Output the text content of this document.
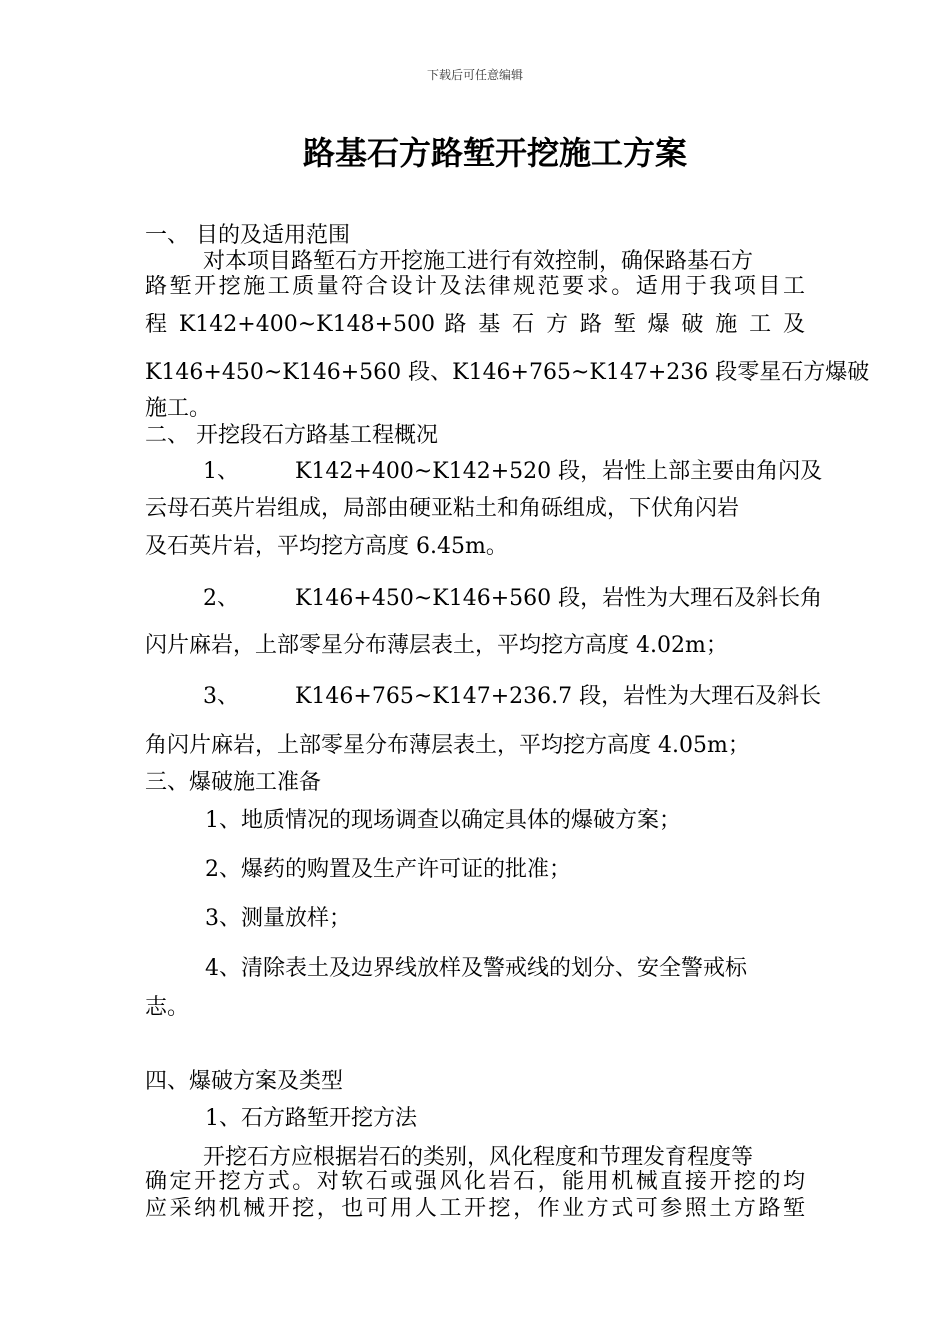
下载后可任意编辑
路基石方路堑开挖施工方案
一、 目的及适用范围
对本项目路堑石方开挖施工进行有效控制，确保路基石方
路堑开挖施工质量符合设计及法律规范要求。适用于我项目工
程 K142+400~K148+500 路 基 石 方 路 堑 爆 破 施 工 及
K146+450~K146+560 段、K146+765~K147+236 段零星石方爆破
施工。
二、 开挖段石方路基工程概况
1、	K142+400~K142+520 段，岩性上部主要由角闪及
云母石英片岩组成，局部由硬亚粘土和角砾组成，下伏角闪岩
及石英片岩，平均挖方高度 6.45m。
2、	K146+450~K146+560 段，岩性为大理石及斜长角
闪片麻岩，上部零星分布薄层表土，平均挖方高度 4.02m；
3、	K146+765~K147+236.7 段，岩性为大理石及斜长
角闪片麻岩，上部零星分布薄层表土，平均挖方高度 4.05m；
三、爆破施工准备
1、地质情况的现场调查以确定具体的爆破方案；
2、爆药的购置及生产许可证的批准；
3、测量放样；
4、清除表土及边界线放样及警戒线的划分、安全警戒标
志。
四、爆破方案及类型
1、石方路堑开挖方法
开挖石方应根据岩石的类别，风化程度和节理发育程度等
确定开挖方式。对软石或强风化岩石，能用机械直接开挖的均
应采纳机械开挖，也可用人工开挖，作业方式可参照土方路堑
